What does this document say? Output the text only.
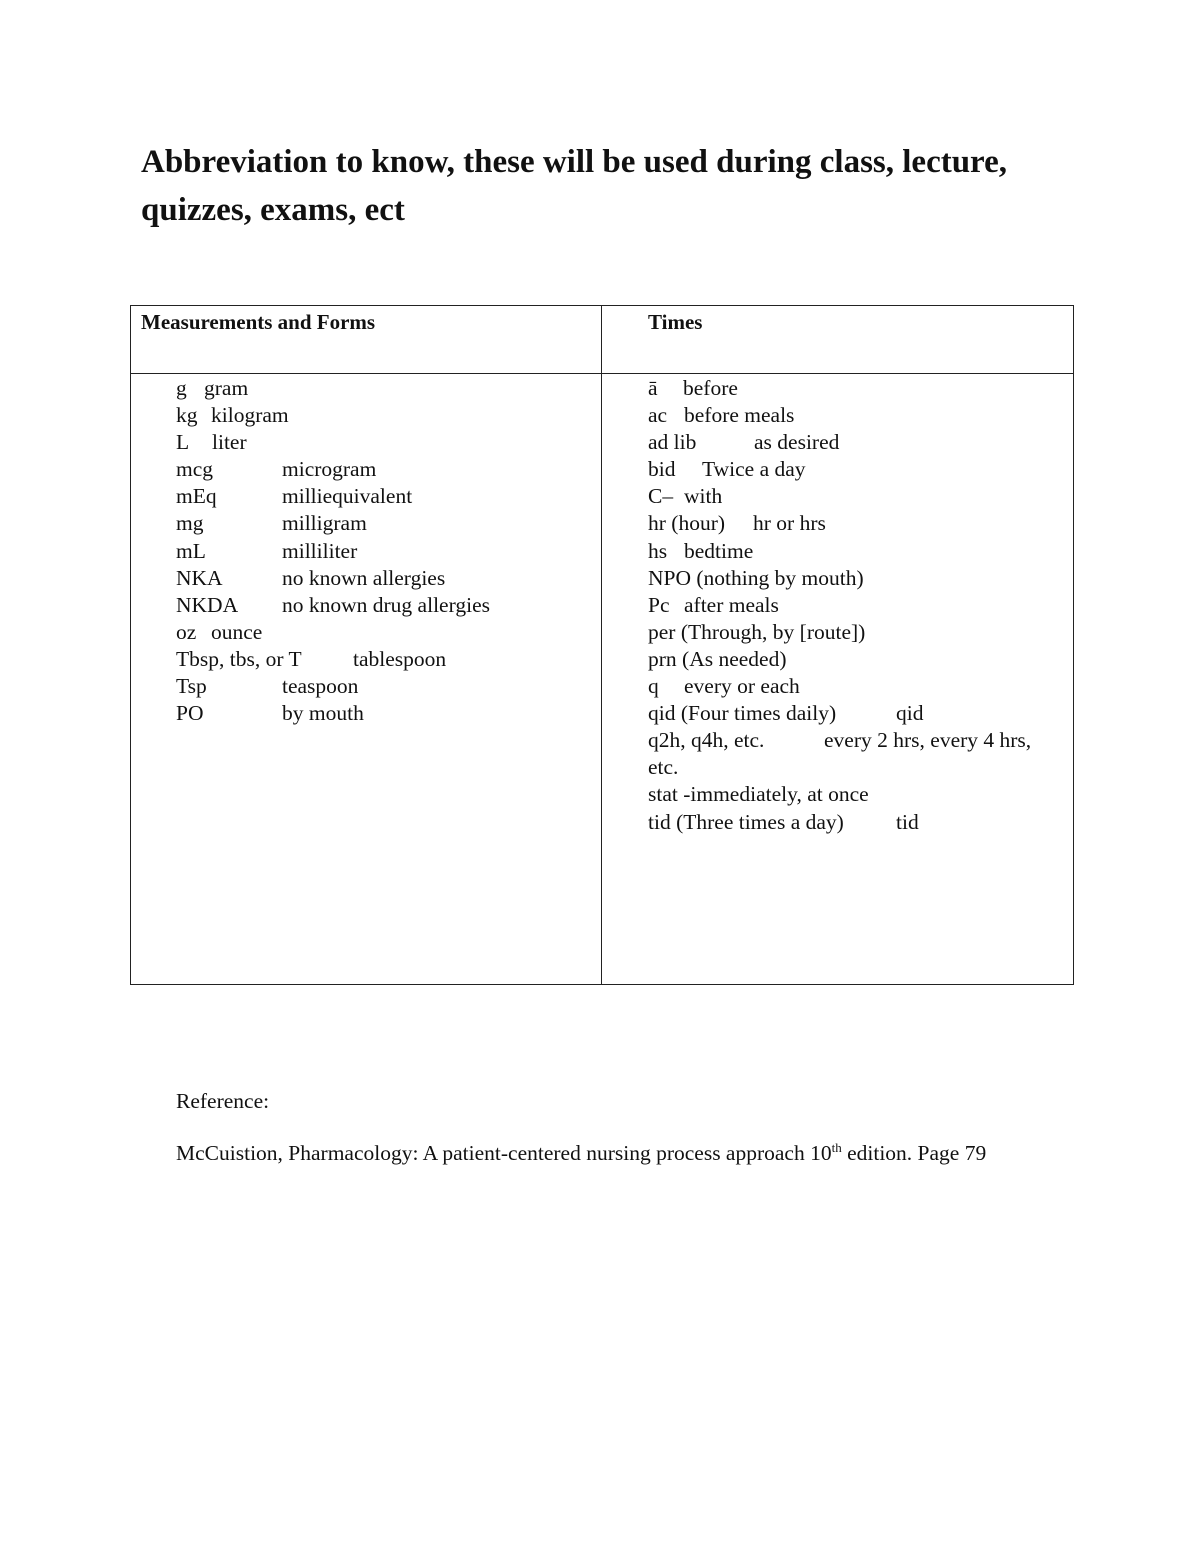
Abbreviation to know, these will be used during class, lecture, quizzes, exams, ect
Measurements and Forms	Times
g gram
kg kilogram
L liter
mcg	microgram
mEq	milliequivalent
mg	milligram
mL	milliliter
NKA	no known allergies
NKDA no known drug allergies
oz ounce
Tbsp, tbs, or T tablespoon
Tsp	teaspoon
PO	by mouth
ā before
ac before meals
ad lib	as desired
bid Twice a day
C– with
hr (hour) hr or hrs
hs bedtime
NPO (nothing by mouth)
Pc after meals
per (Through, by [route])
prn (As needed)
q every or each
qid (Four times daily)	qid
q2h, q4h, etc.	every 2 hrs, every 4 hrs, etc.
stat -immediately, at once
tid (Three times a day) tid
Reference:
McCuistion, Pharmacology: A patient-centered nursing process approach 10th edition. Page 79
